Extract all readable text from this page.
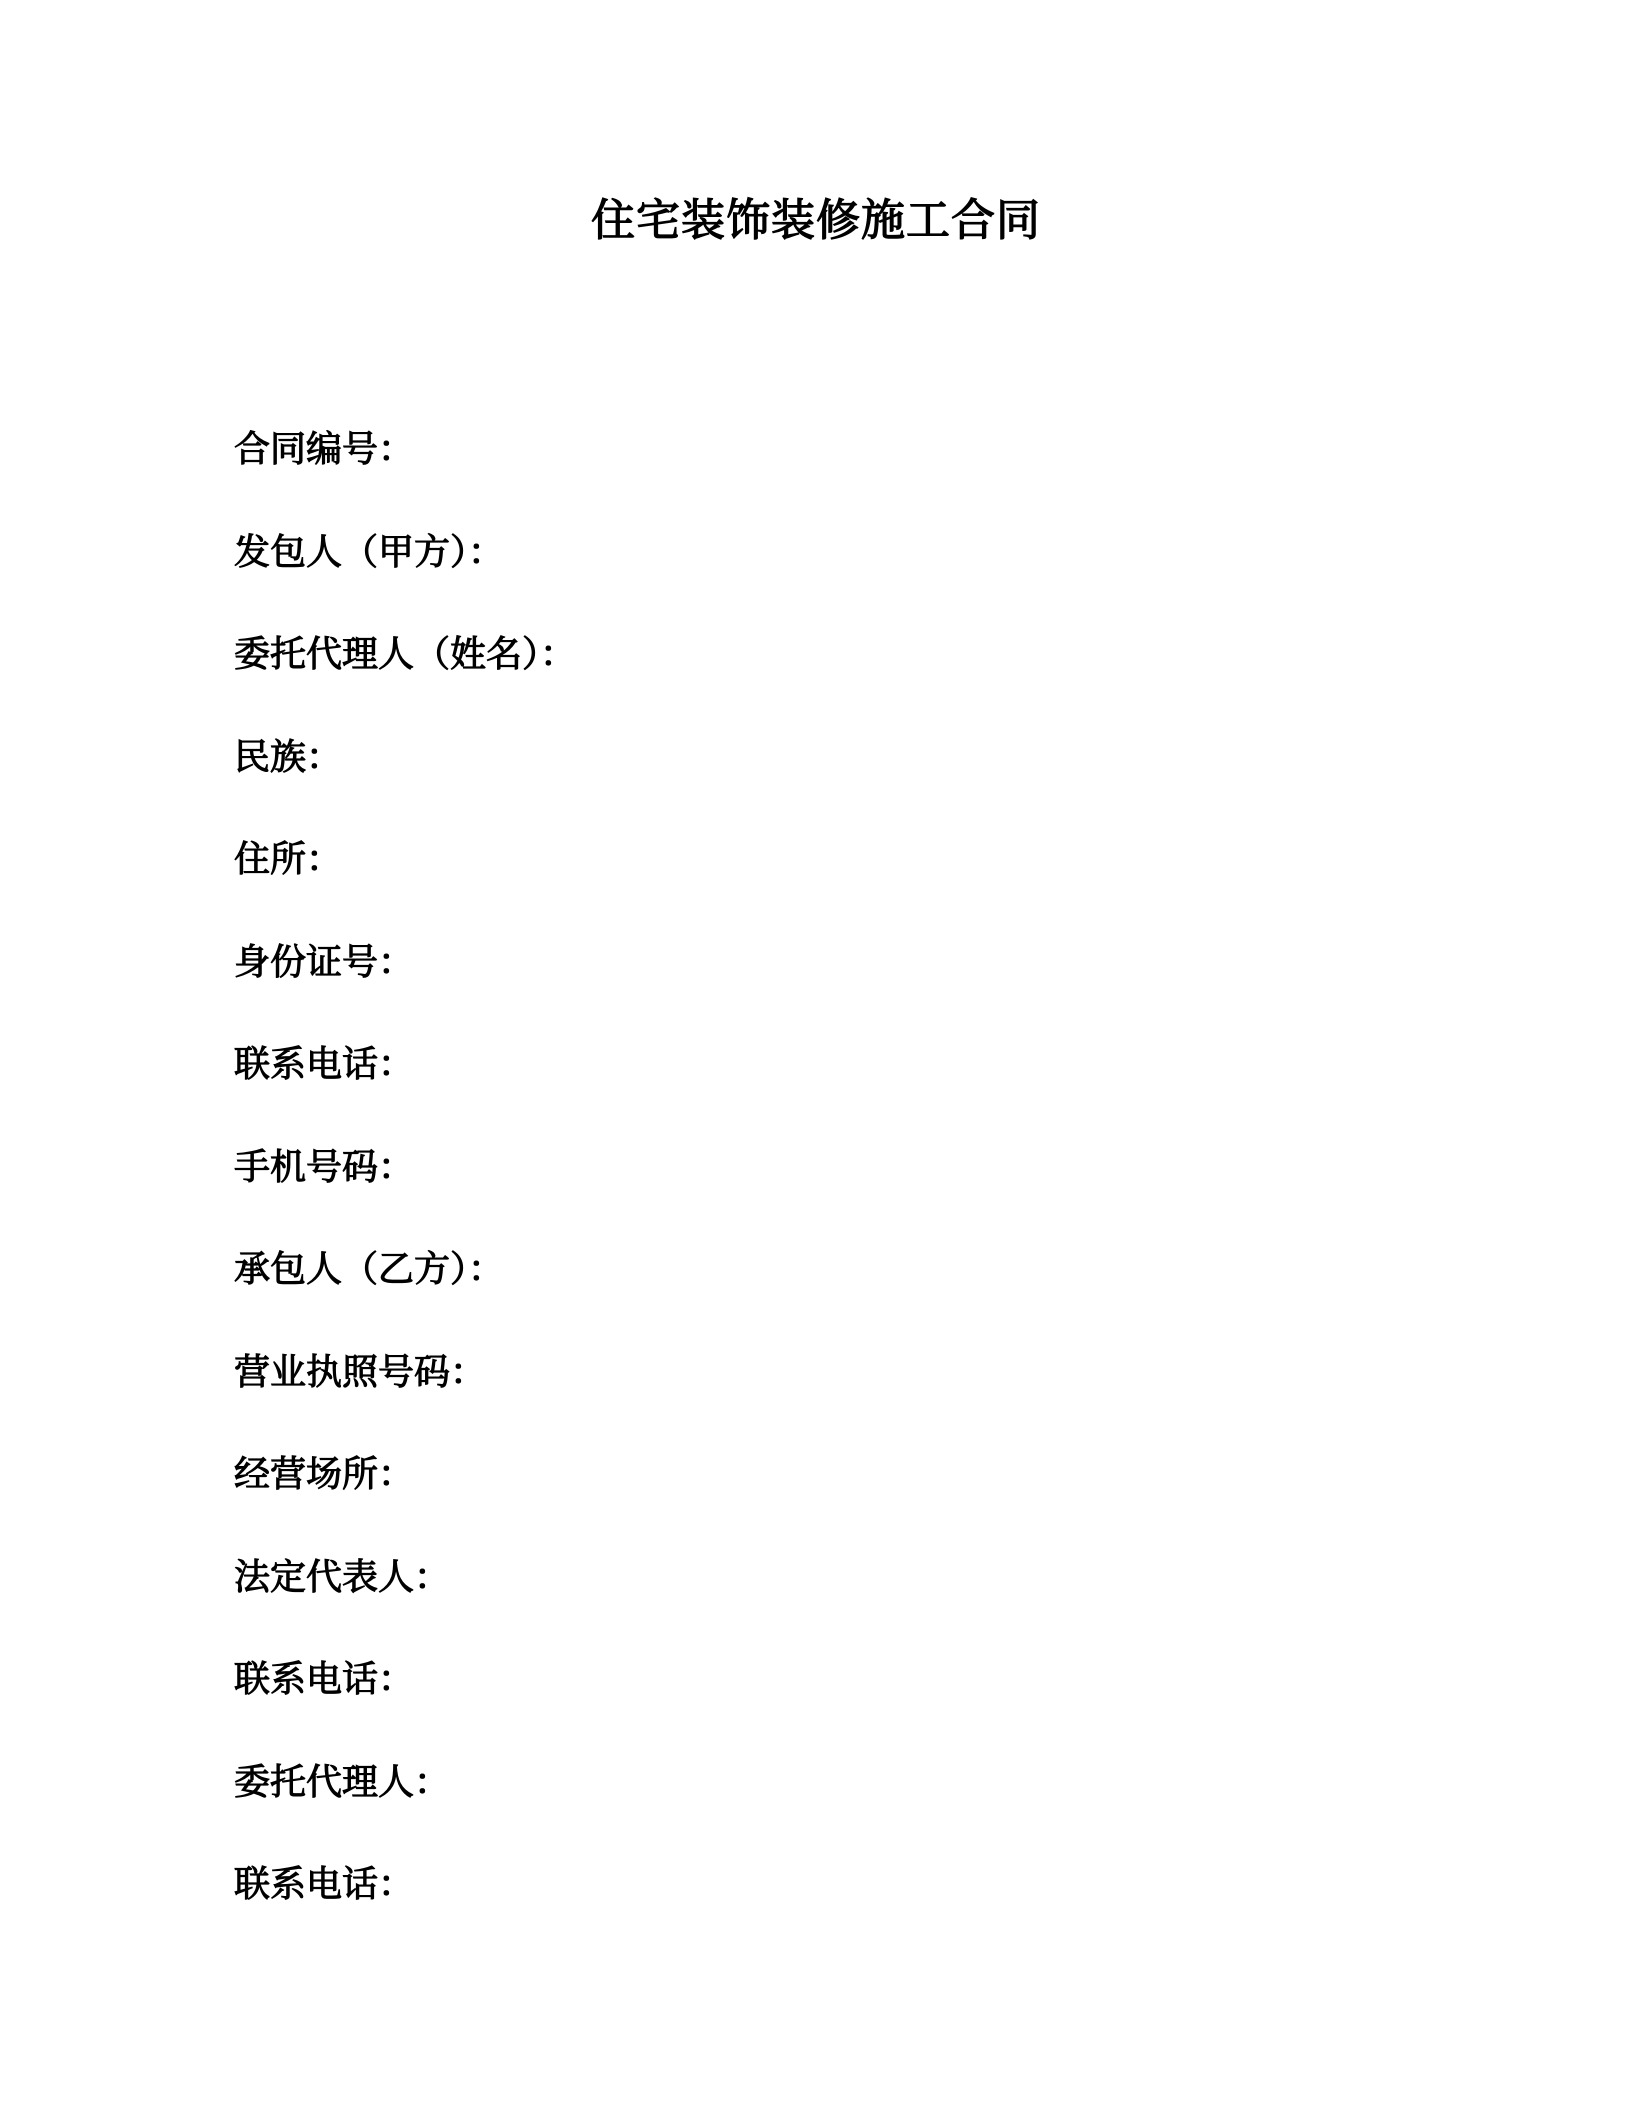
住宅装饰装修施工合同

合同编号：

发包人（甲方）：

委托代理人（姓名）：

民族：

住所：

身份证号：

联系电话：

手机号码：

承包人（乙方）：

营业执照号码：

经营场所：

法定代表人：

联系电话：

委托代理人：

联系电话：
